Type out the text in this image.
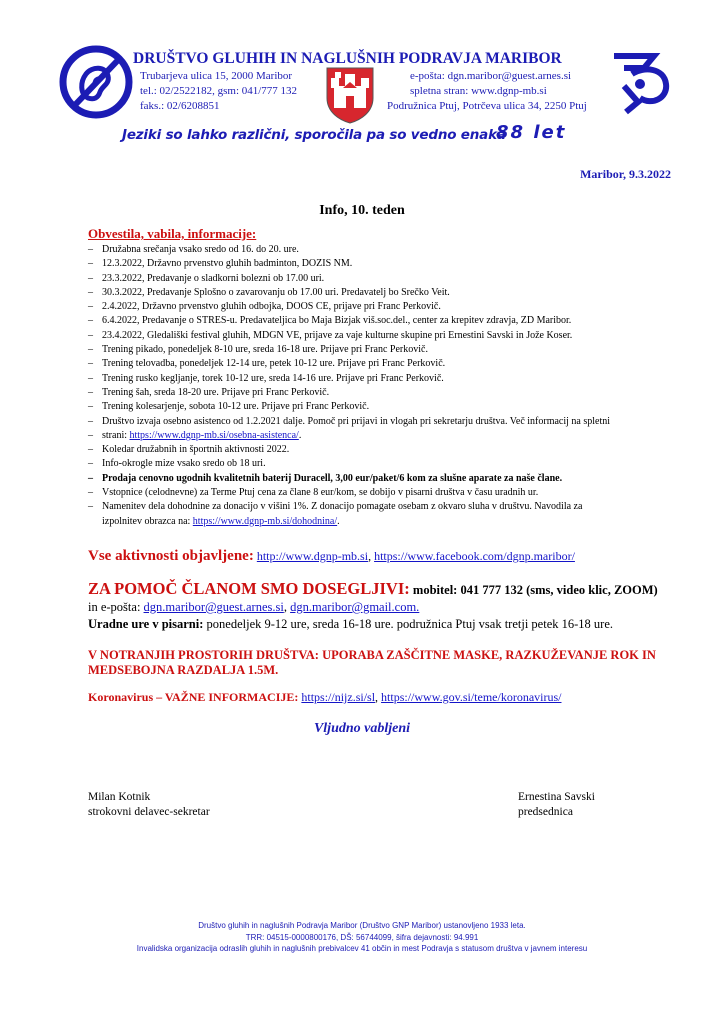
DRUŠTVO GLUHIH IN NAGLUŠNIH PODRAVJA MARIBOR
Trubarjeva ulica 15, 2000 Maribor
tel.: 02/2522182, gsm: 041/777 132
faks.: 02/6208851
e-pošta: dgn.maribor@guest.arnes.si
spletna stran: www.dgnp-mb.si
Podružnica Ptuj, Potrčeva ulica 34, 2250 Ptuj
Jeziki so lahko različni, sporočila pa so vedno enaka
88 let
Maribor, 9.3.2022
Info, 10. teden
Obvestila, vabila, informacije:
– Družabna srečanja vsako sredo od 16. do 20. ure.
– 12.3.2022, Državno prvenstvo gluhih badminton, DOZIS NM.
– 23.3.2022, Predavanje o sladkorni bolezni ob 17.00 uri.
– 30.3.2022, Predavanje Splošno o zavarovanju ob 17.00 uri. Predavatelj bo Srečko Veit.
– 2.4.2022, Državno prvenstvo gluhih odbojka, DOOS CE, prijave pri Franc Perkovič.
– 6.4.2022, Predavanje o STRES-u. Predavateljica bo Maja Bizjak viš.soc.del., center za krepitev zdravja, ZD Maribor.
– 23.4.2022, Gledališki festival gluhih, MDGN VE, prijave za vaje kulturne skupine pri Ernestini Savski in Jože Koser.
– Trening pikado, ponedeljek 8-10 ure, sreda 16-18 ure. Prijave pri Franc Perkovič.
– Trening telovadba, ponedeljek 12-14 ure, petek 10-12 ure. Prijave pri Franc Perkovič.
– Trening rusko kegljanje, torek 10-12 ure, sreda 14-16 ure. Prijave pri Franc Perkovič.
– Trening šah, sreda 18-20 ure. Prijave pri Franc Perkovič.
– Trening kolesarjenje, sobota 10-12 ure. Prijave pri Franc Perkovič.
– Društvo izvaja osebno asistenco od 1.2.2021 dalje. Pomoč pri prijavi in vlogah pri sekretarju društva. Več informacij na spletni
– strani: https://www.dgnp-mb.si/osebna-asistenca/.
– Koledar družabnih in športnih aktivnosti 2022.
– Info-okrogle mize vsako sredo ob 18 uri.
– Prodaja cenovno ugodnih kvalitetnih baterij Duracell, 3,00 eur/paket/6 kom za slušne aparate za naše člane.
– Vstopnice (celodnevne) za Terme Ptuj cena za člane 8 eur/kom, se dobijo v pisarni društva v času uradnih ur.
– Namenitev dela dohodnine za donacijo v višini 1%. Z donacijo pomagate osebam z okvaro sluha v društvu. Navodila za
izpolnitev obrazca na: https://www.dgnp-mb.si/dohodnina/.
Vse aktivnosti objavljene: http://www.dgnp-mb.si, https://www.facebook.com/dgnp.maribor/
ZA POMOČ ČLANOM SMO DOSEGLJIVI: mobitel: 041 777 132 (sms, video klic, ZOOM) in e-pošta: dgn.maribor@guest.arnes.si, dgn.maribor@gmail.com.
Uradne ure v pisarni: ponedeljek 9-12 ure, sreda 16-18 ure. podružnica Ptuj vsak tretji petek 16-18 ure.
V NOTRANJIH PROSTORIH DRUŠTVA: UPORABA ZAŠČITNE MASKE, RAZKUŽEVANJE ROK IN MEDSEBOJNA RAZDALJA 1.5M.
Koronavirus – VAŽNE INFORMACIJE: https://nijz.si/sl, https://www.gov.si/teme/koronavirus/
Vljudno vabljeni
Milan Kotnik
strokovni delavec-sekretar
Ernestina Savski
predsednica
Društvo gluhih in naglušnih Podravja Maribor (Društvo GNP Maribor) ustanovljeno 1933 leta.
TRR: 04515-0000800176, DŠ: 56744099, šifra dejavnosti: 94.991
Invalidska organizacija odraslih gluhih in naglušnih prebivalcev 41 občin in mest Podravja s statusom društva v javnem interesu
